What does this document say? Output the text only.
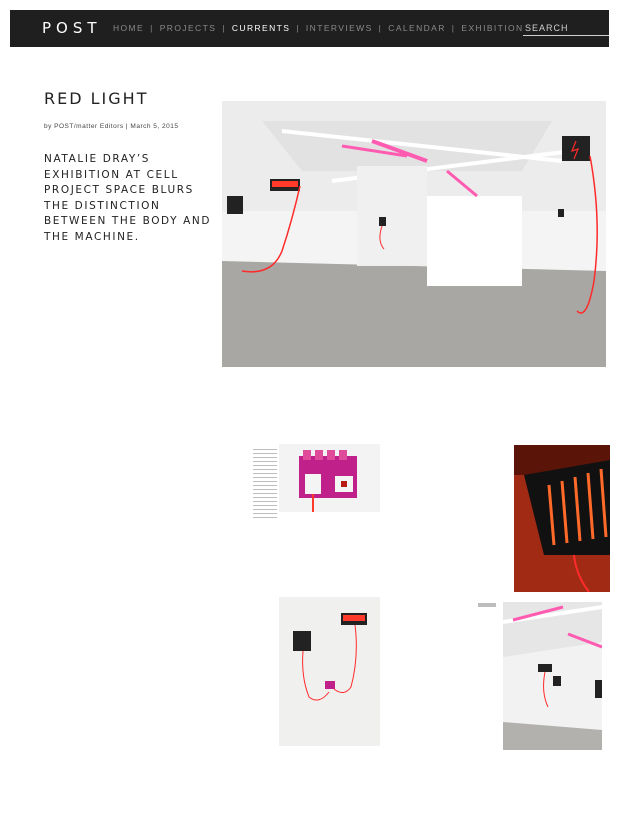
POST HOME | PROJECTS | CURRENTS | INTERVIEWS | CALENDAR | EXHIBITION
SEARCH
RED LIGHT
by POST/matter Editors | March 5, 2015
NATALIE DRAY’S EXHIBITION AT CELL PROJECT SPACE BLURS THE DISTINCTION BETWEEN THE BODY AND THE MACHINE.
